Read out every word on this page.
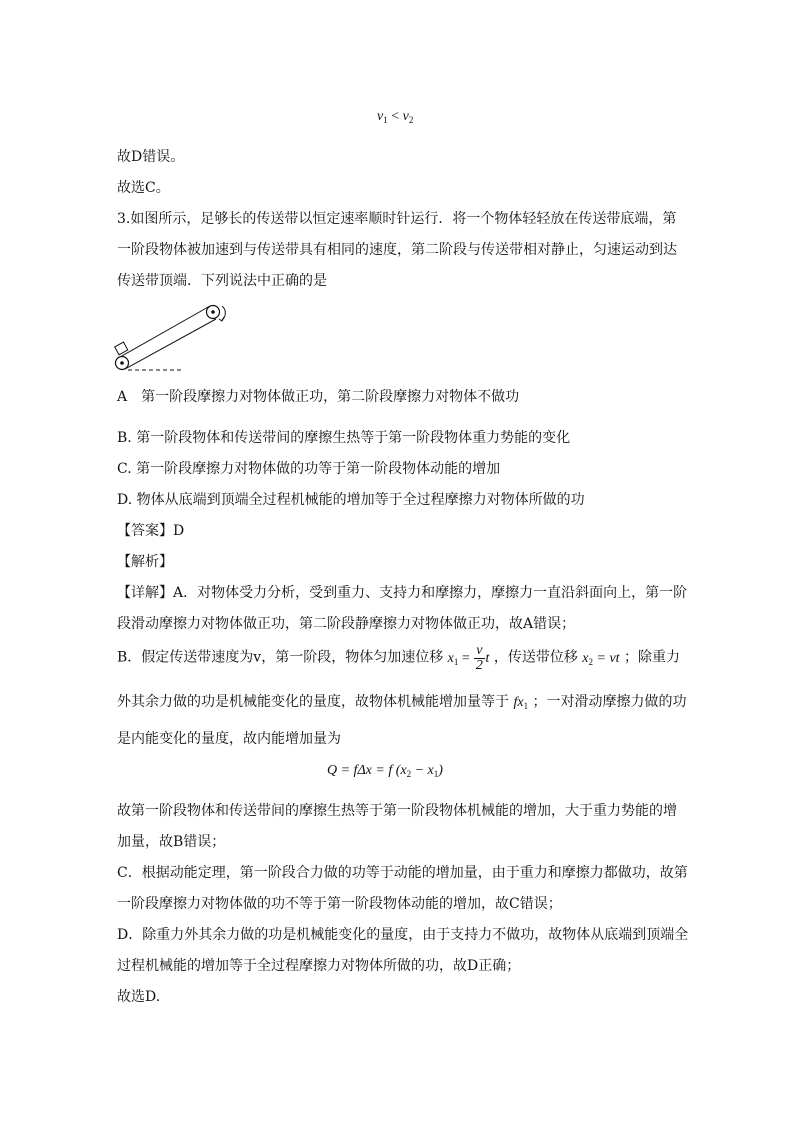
$v_1 < v_2$
故D错误。
故选C。
3.如图所示，足够长的传送带以恒定速率顺时针运行．将一个物体轻轻放在传送带底端，第
一阶段物体被加速到与传送带具有相同的速度，第二阶段与传送带相对静止，匀速运动到达
传送带顶端．下列说法中正确的是
A　第一阶段摩擦力对物体做正功，第二阶段摩擦力对物体不做功
B. 第一阶段物体和传送带间的摩擦生热等于第一阶段物体重力势能的变化
C. 第一阶段摩擦力对物体做的功等于第一阶段物体动能的增加
D. 物体从底端到顶端全过程机械能的增加等于全过程摩擦力对物体所做的功
【答案】D
【解析】
【详解】A．对物体受力分析，受到重力、支持力和摩擦力，摩擦力一直沿斜面向上，第一阶
段滑动摩擦力对物体做正功，第二阶段静摩擦力对物体做正功，故A错误；
B．假定传送带速度为v，第一阶段，物体匀加速位移 $x_1 = \frac{v}{2}$ t ，传送带位移 $x_2$ = vt ；除重力
外其余力做的功是机械能变化的量度，故物体机械能增加量等于 $fx_1$ ；一对滑动摩擦力做的功
是内能变化的量度，故内能增加量为
Q = fΔx = f $(x_2 - x_1)$
故第一阶段物体和传送带间的摩擦生热等于第一阶段物体机械能的增加，大于重力势能的增
加量，故B错误；
C．根据动能定理，第一阶段合力做的功等于动能的增加量，由于重力和摩擦力都做功，故第
一阶段摩擦力对物体做的功不等于第一阶段物体动能的增加，故C错误；
D．除重力外其余力做的功是机械能变化的量度，由于支持力不做功，故物体从底端到顶端全
过程机械能的增加等于全过程摩擦力对物体所做的功，故D正确；
故选D.
